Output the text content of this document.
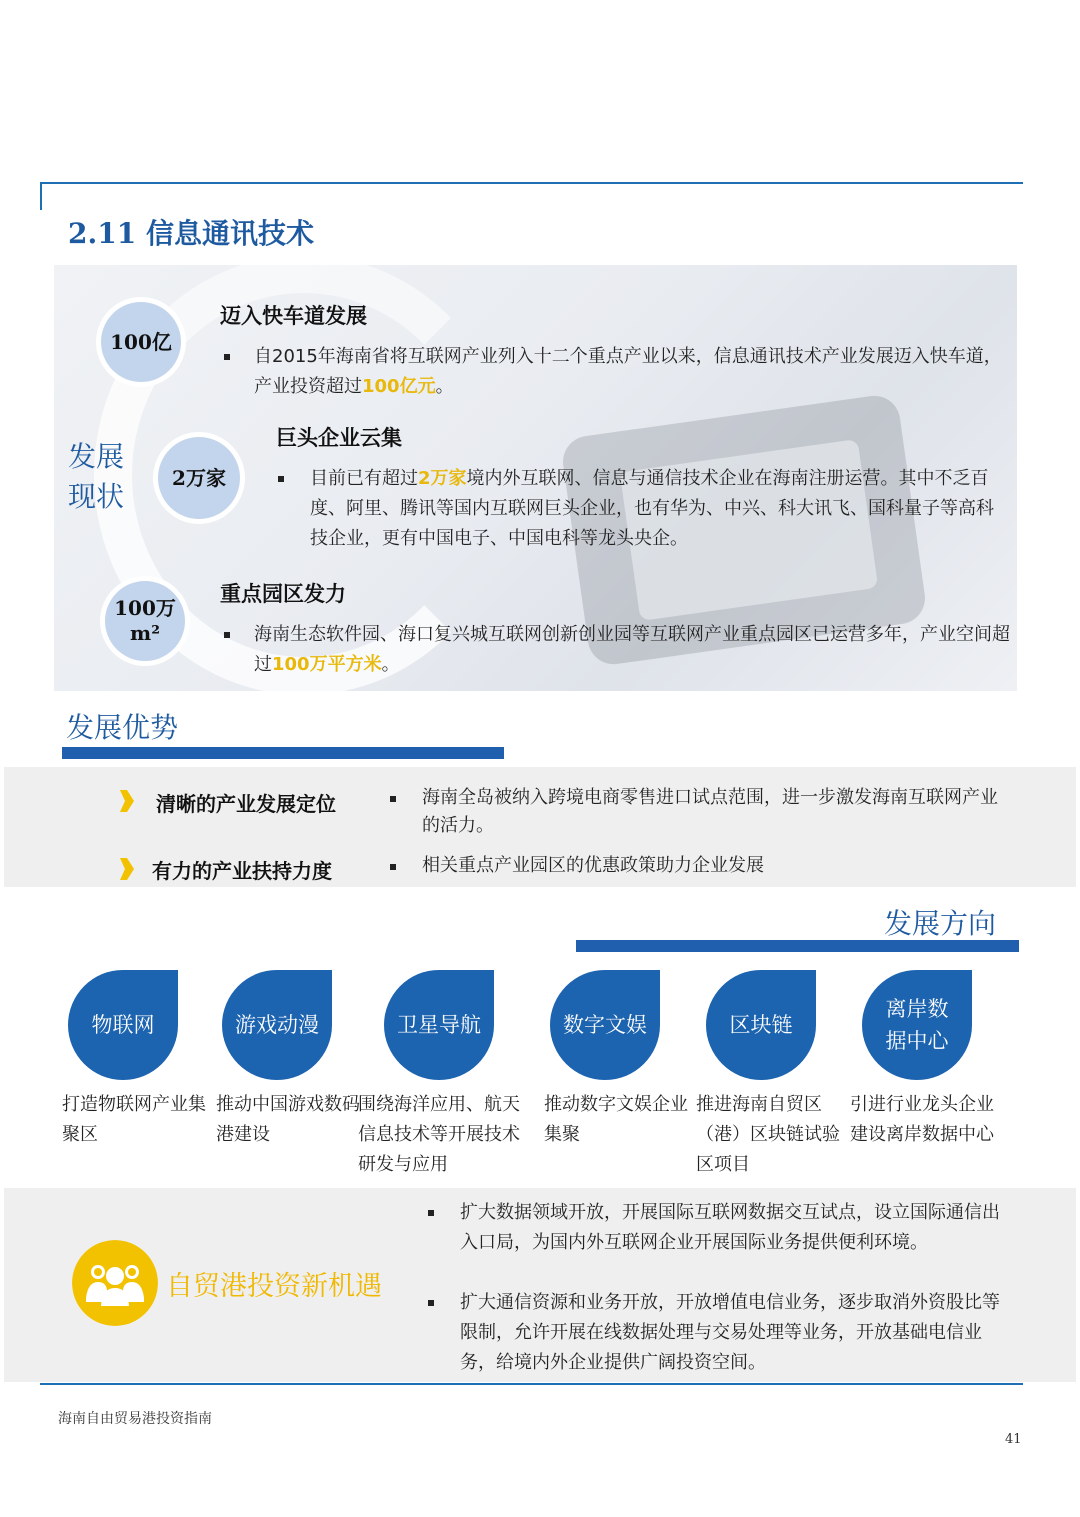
2.11 信息通讯技术
发展
现状
100亿
迈入快车道发展
自2015年海南省将互联网产业列入十二个重点产业以来，信息通讯技术产业发展迈入快车道，产业投资超过100亿元。
2万家
巨头企业云集
目前已有超过2万家境内外互联网、信息与通信技术企业在海南注册运营。其中不乏百度、阿里、腾讯等国内互联网巨头企业，也有华为、中兴、科大讯飞、国科量子等高科技企业，更有中国电子、中国电科等龙头央企。
100万
m²
重点园区发力
海南生态软件园、海口复兴城互联网创新创业园等互联网产业重点园区已运营多年，产业空间超过100万平方米。
发展优势
清晰的产业发展定位	海南全岛被纳入跨境电商零售进口试点范围，进一步激发海南互联网产业的活力。
有力的产业扶持力度	相关重点产业园区的优惠政策助力企业发展
发展方向
物联网
打造物联网产业集聚区
游戏动漫
推动中国游戏数码港建设
卫星导航
围绕海洋应用、航天信息技术等开展技术研发与应用
数字文娱
推动数字文娱企业集聚
区块链
推进海南自贸区（港）区块链试验区项目
离岸数
据中心
引进行业龙头企业建设离岸数据中心
自贸港投资新机遇
扩大数据领域开放，开展国际互联网数据交互试点，设立国际通信出入口局，为国内外互联网企业开展国际业务提供便利环境。
扩大通信资源和业务开放，开放增值电信业务，逐步取消外资股比等限制，允许开展在线数据处理与交易处理等业务，开放基础电信业务，给境内外企业提供广阔投资空间。
海南自由贸易港投资指南
41
